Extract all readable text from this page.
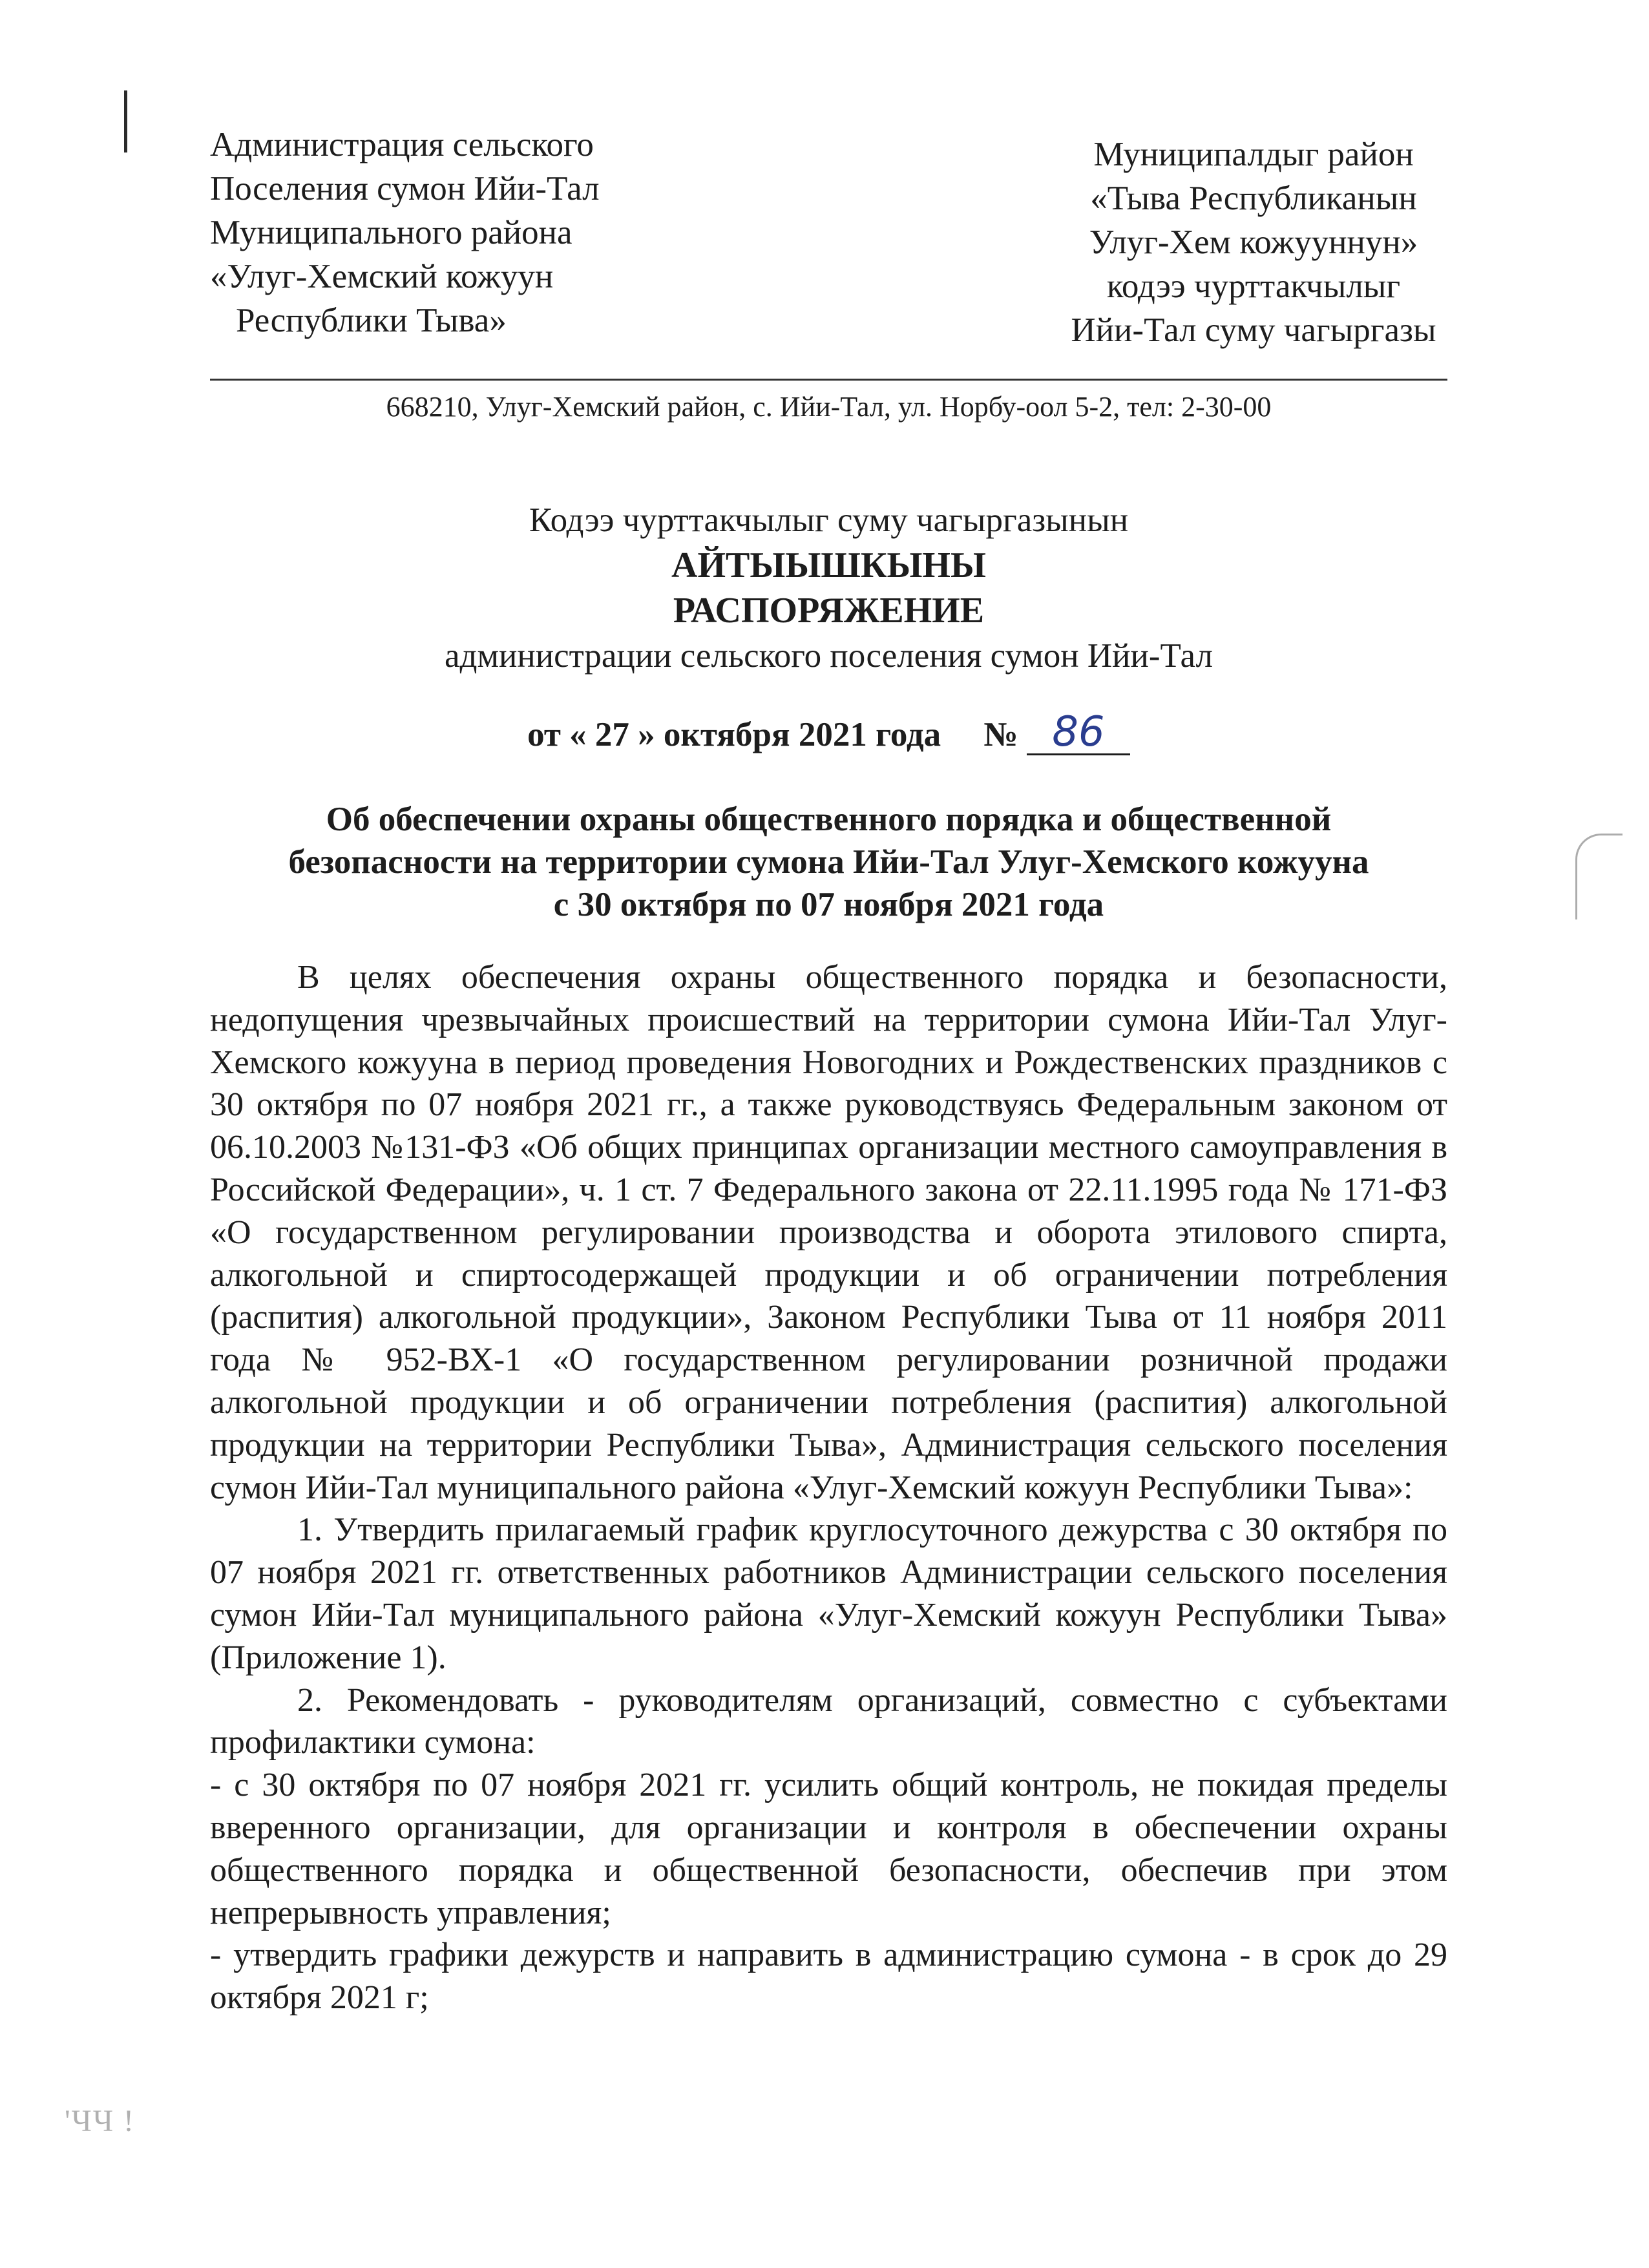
'ЧЧ !
Администрация сельского
Поселения сумон Ийи-Тал
Муниципального района
«Улуг-Хемский кожуун
Республики Тыва»
Муниципалдыг район
«Тыва Республиканын
Улуг-Хем кожууннун»
кодээ чурттакчылыг
Ийи-Тал суму чагыргазы
668210, Улуг-Хемский район, с. Ийи-Тал, ул. Норбу-оол 5-2, тел: 2-30-00
Кодээ чурттакчылыг суму чагыргазынын
АЙТЫЫШКЫНЫ
РАСПОРЯЖЕНИЕ
администрации сельского поселения сумон Ийи-Тал
от « 27 » октября 2021 года № 86
Об обеспечении охраны общественного порядка и общественной
безопасности на территории сумона Ийи-Тал Улуг-Хемского кожууна
с 30 октября по 07 ноября 2021 года

В целях обеспечения охраны общественного порядка и безопасности, недопущения чрезвычайных происшествий на территории сумона Ийи-Тал Улуг-Хемского кожууна в период проведения Новогодних и Рождественских праздников с 30 октября по 07 ноября 2021 гг., а также руководствуясь Федеральным законом от 06.10.2003 №131-ФЗ «Об общих принципах организации местного самоуправления в Российской Федерации», ч. 1 ст. 7 Федерального закона от 22.11.1995 года № 171-ФЗ «О государственном регулировании производства и оборота этилового спирта, алкогольной и спиртосодержащей продукции и об ограничении потребления (распития) алкогольной продукции», Законом Республики Тыва от 11 ноября 2011 года № 952-ВХ-1 «О государственном регулировании розничной продажи алкогольной продукции и об ограничении потребления (распития) алкогольной продукции на территории Республики Тыва», Администрация сельского поселения сумон Ийи-Тал муниципального района «Улуг-Хемский кожуун Республики Тыва»:

1. Утвердить прилагаемый график круглосуточного дежурства с 30 октября по 07 ноября 2021 гг. ответственных работников Администрации сельского поселения сумон Ийи-Тал муниципального района «Улуг-Хемский кожуун Республики Тыва» (Приложение 1).

2. Рекомендовать - руководителям организаций, совместно с субъектами профилактики сумона:

- с 30 октября по 07 ноября 2021 гг. усилить общий контроль, не покидая пределы вверенного организации, для организации и контроля в обеспечении охраны общественного порядка и общественной безопасности, обеспечив при этом непрерывность управления;

- утвердить графики дежурств и направить в администрацию сумона - в срок до 29 октября 2021 г;
